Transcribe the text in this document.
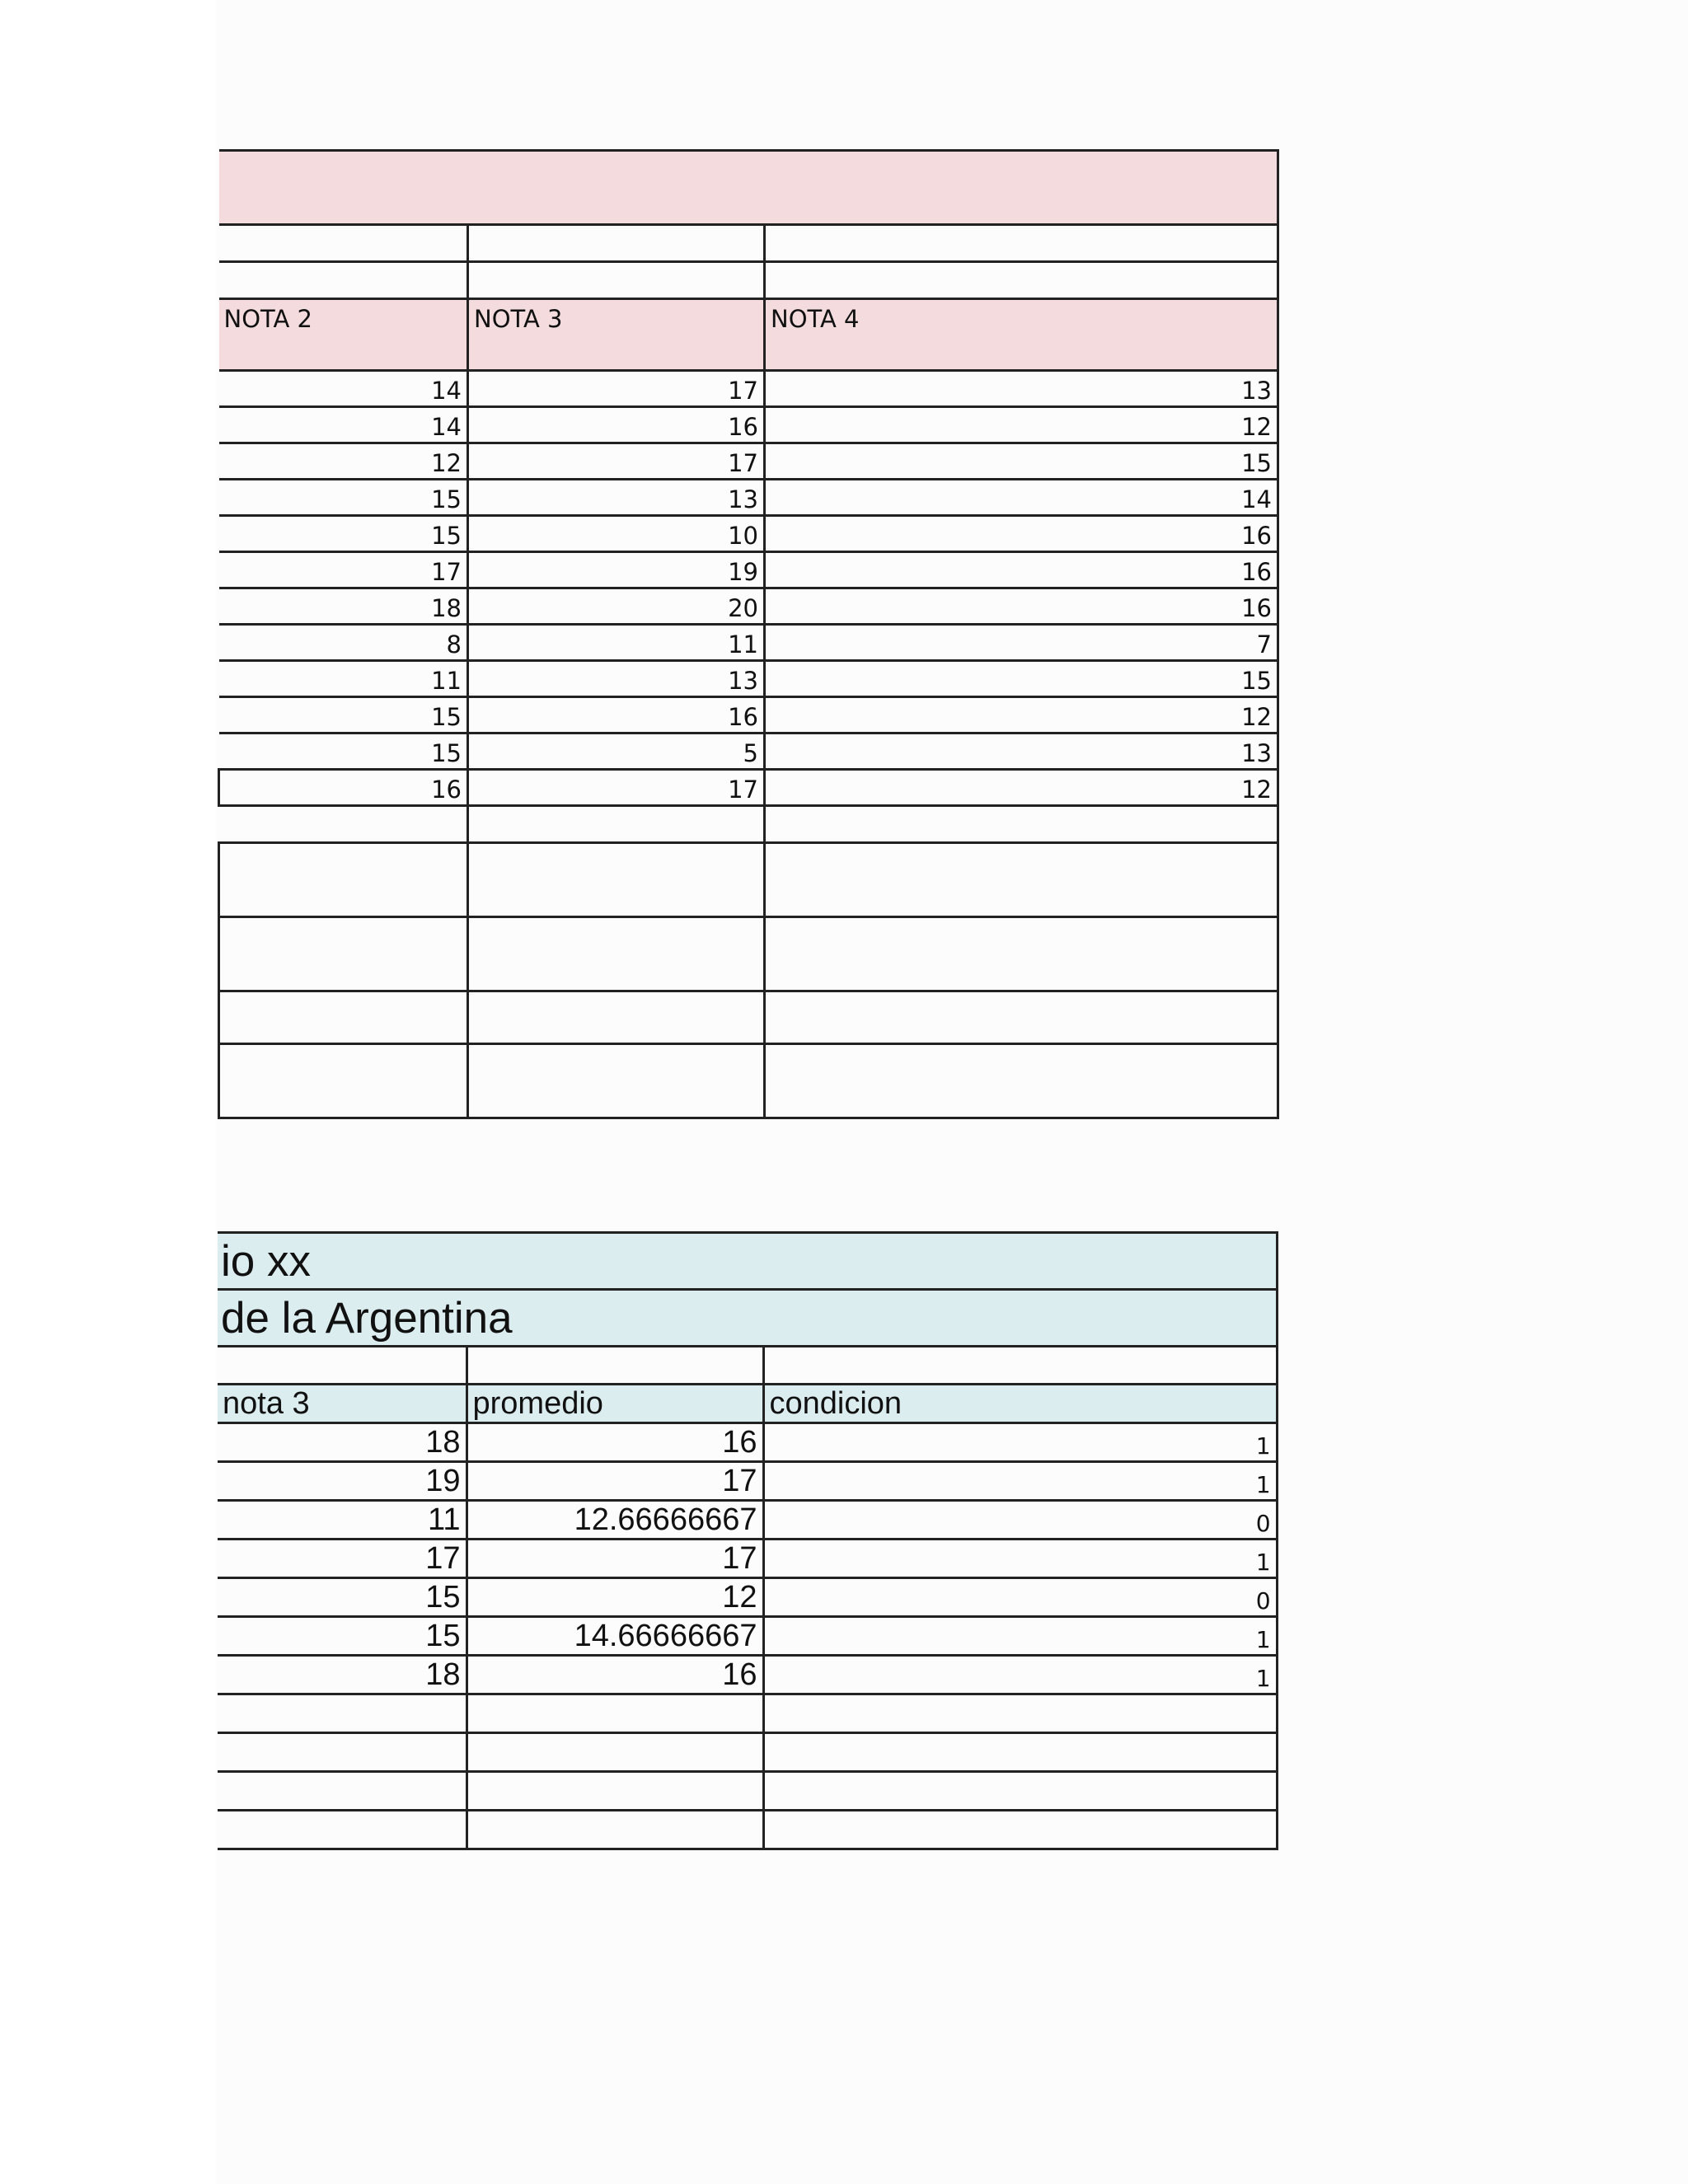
NOTA 2	NOTA 3	NOTA 4
14	17	13
14	16	12
12	17	15
15	13	14
15	10	16
17	19	16
18	20	16
8	11	7
11	13	15
15	16	12
15	5	13
16	17	12

io xx		
de la Argentina		

nota 3	promedio	condicion
18	16	1
19	17	1
11	12.66666667	0
17	17	1
15	12	0
15	14.66666667	1
18	16	1
